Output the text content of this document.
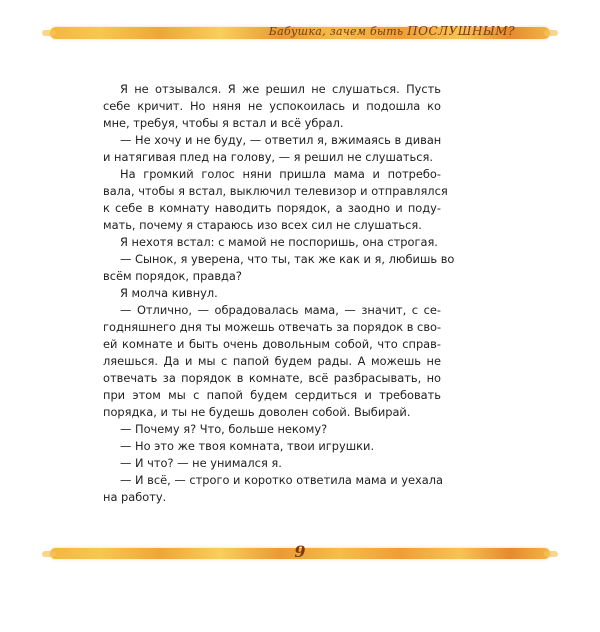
Бабушка, зачем быть ПОСЛУШНЫМ?
Я не отзывался. Я же решил не слушаться. Пусть
себе кричит. Но няня не успокоилась и подошла ко
мне, требуя, чтобы я встал и всё убрал.
— Не хочу и не буду, — ответил я, вжимаясь в диван
и натягивая плед на голову, — я решил не слушаться.
На громкий голос няни пришла мама и потребо-
вала, чтобы я встал, выключил телевизор и отправлялся
к себе в комнату наводить порядок, а заодно и поду-
мать, почему я стараюсь изо всех сил не слушаться.
Я нехотя встал: с мамой не поспоришь, она строгая.
— Сынок, я уверена, что ты, так же как и я, любишь во
всём порядок, правда?
Я молча кивнул.
— Отлично, — обрадовалась мама, — значит, с се-
годняшнего дня ты можешь отвечать за порядок в сво-
ей комнате и быть очень довольным собой, что справ-
ляешься. Да и мы с папой будем рады. А можешь не
отвечать за порядок в комнате, всё разбрасывать, но
при этом мы с папой будем сердиться и требовать
порядка, и ты не будешь доволен собой. Выбирай.
— Почему я? Что, больше некому?
— Но это же твоя комната, твои игрушки.
— И что? — не унимался я.
— И всё, — строго и коротко ответила мама и уехала
на работу.
9
